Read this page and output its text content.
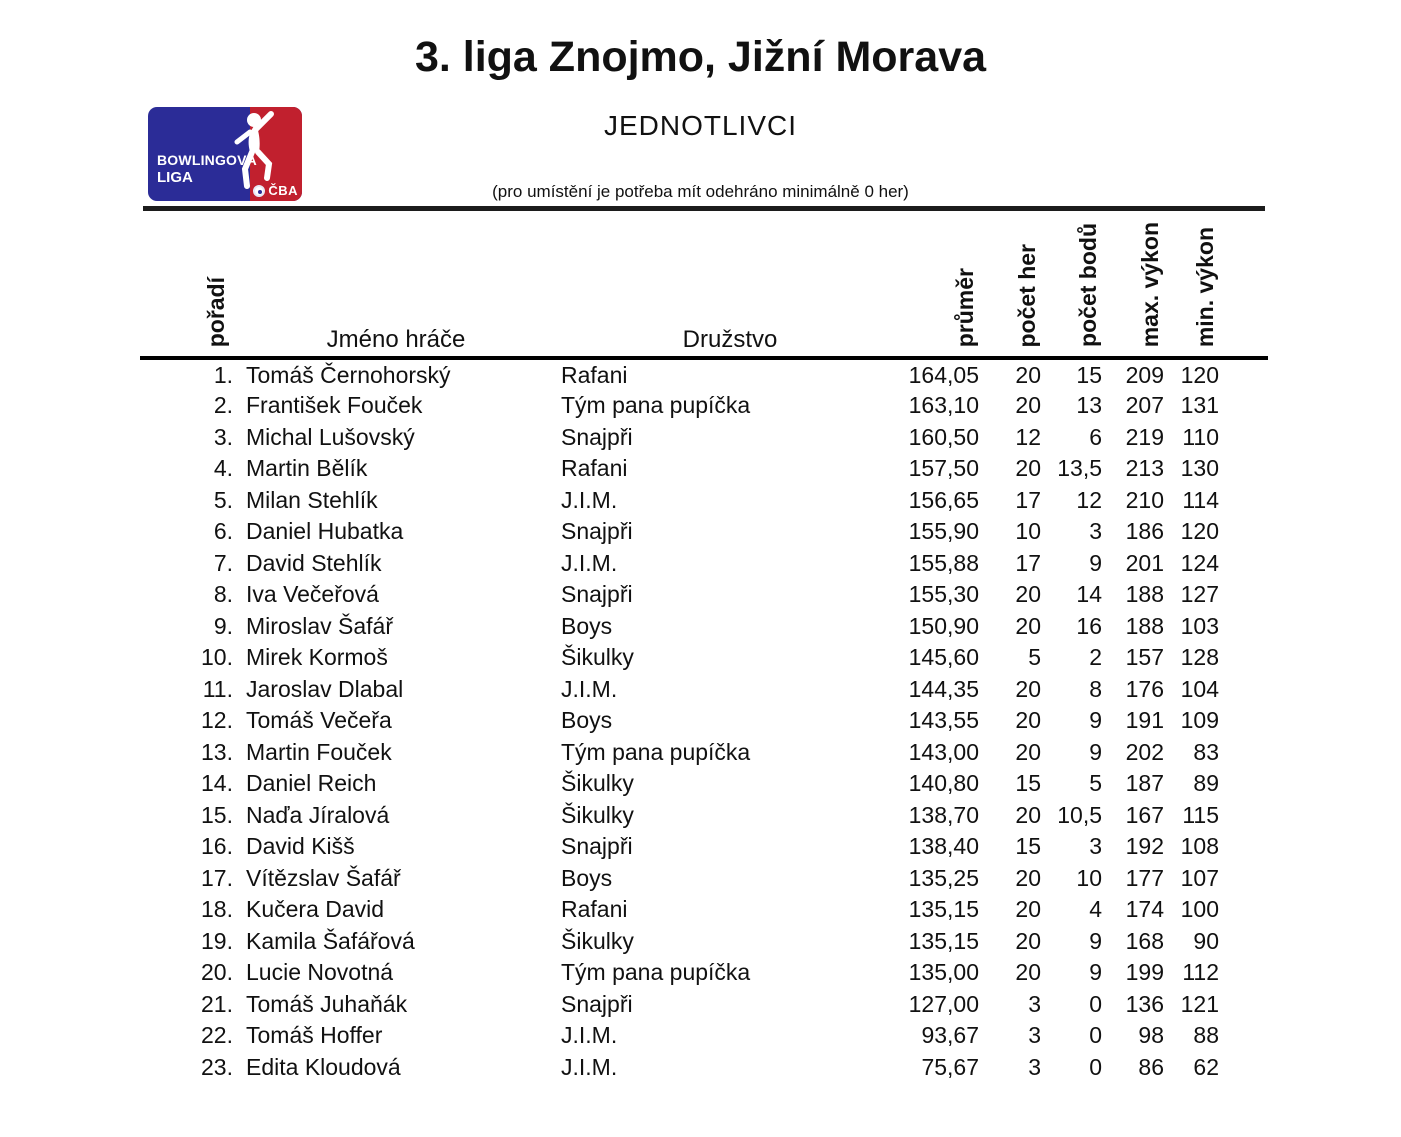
3. liga Znojmo, Jižní Morava
BOWLINGOVÁ
LIGA
ČBA
JEDNOTLIVCI
(pro umístění je potřeba mít odehráno minimálně 0 her)
pořadí	Jméno hráče	Družstvo	průměr	počet her	počet bodů	max. výkon	min. výkon	
1.	Tomáš Černohorský	Rafani	164,05	20	15	209	120	
2.	František Fouček	Tým pana pupíčka	163,10	20	13	207	131	
3.	Michal Lušovský	Snajpři	160,50	12	6	219	110	
4.	Martin Bělík	Rafani	157,50	20	13,5	213	130	
5.	Milan Stehlík	J.I.M.	156,65	17	12	210	114	
6.	Daniel Hubatka	Snajpři	155,90	10	3	186	120	
7.	David Stehlík	J.I.M.	155,88	17	9	201	124	
8.	Iva Večeřová	Snajpři	155,30	20	14	188	127	
9.	Miroslav Šafář	Boys	150,90	20	16	188	103	
10.	Mirek Kormoš	Šikulky	145,60	5	2	157	128	
11.	Jaroslav Dlabal	J.I.M.	144,35	20	8	176	104	
12.	Tomáš Večeřa	Boys	143,55	20	9	191	109	
13.	Martin Fouček	Tým pana pupíčka	143,00	20	9	202	83	
14.	Daniel Reich	Šikulky	140,80	15	5	187	89	
15.	Naďa Jíralová	Šikulky	138,70	20	10,5	167	115	
16.	David Kišš	Snajpři	138,40	15	3	192	108	
17.	Vítězslav Šafář	Boys	135,25	20	10	177	107	
18.	Kučera David	Rafani	135,15	20	4	174	100	
19.	Kamila Šafářová	Šikulky	135,15	20	9	168	90	
20.	Lucie Novotná	Tým pana pupíčka	135,00	20	9	199	112	
21.	Tomáš Juhaňák	Snajpři	127,00	3	0	136	121	
22.	Tomáš Hoffer	J.I.M.	93,67	3	0	98	88	
23.	Edita Kloudová	J.I.M.	75,67	3	0	86	62	
